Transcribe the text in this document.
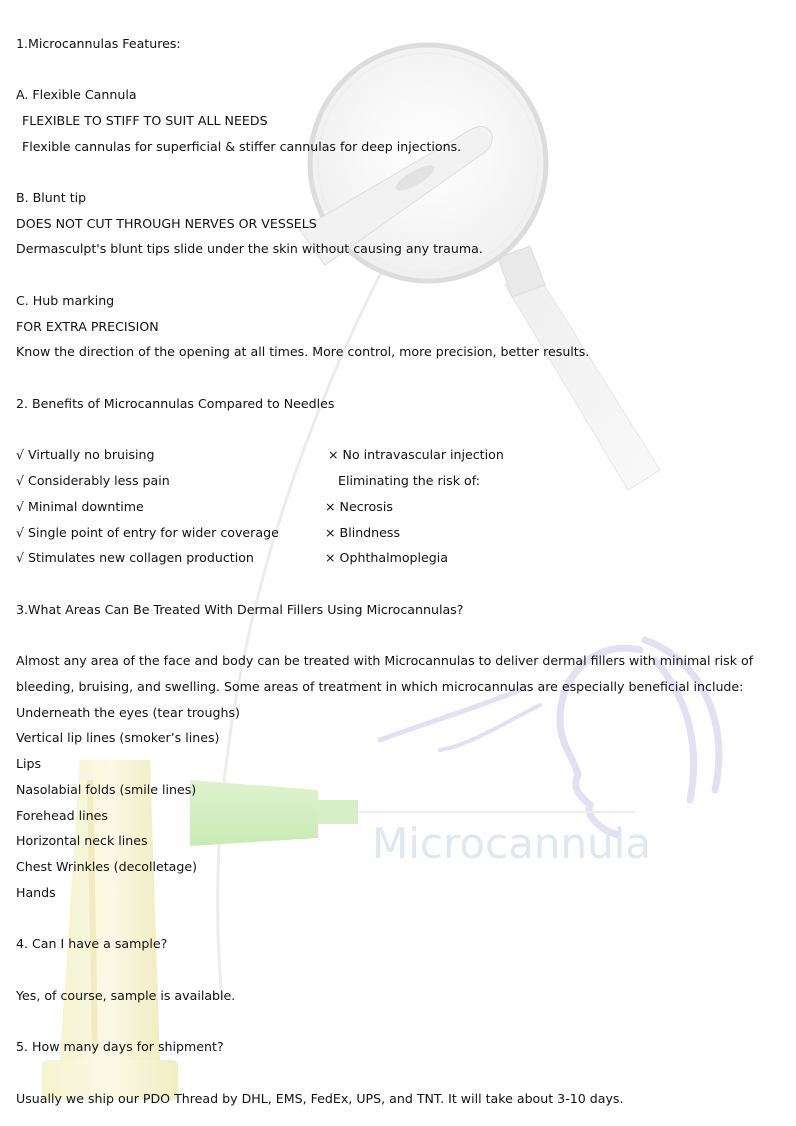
Microcannula

1.Microcannulas Features:

A. Flexible Cannula

FLEXIBLE TO STIFF TO SUIT ALL NEEDS

Flexible cannulas for superficial & stiffer cannulas for deep injections.

B. Blunt tip

DOES NOT CUT THROUGH NERVES OR VESSELS

Dermasculpt's blunt tips slide under the skin without causing any trauma.

C. Hub marking

FOR EXTRA PRECISION

Know the direction of the opening at all times. More control, more precision, better results.

2. Benefits of Microcannulas Compared to Needles

√ Virtually no bruising

√ Considerably less pain

√ Minimal downtime

√ Single point of entry for wider coverage

√ Stimulates new collagen production

× No intravascular injection

Eliminating the risk of:

× Necrosis

× Blindness

× Ophthalmoplegia

3.What Areas Can Be Treated With Dermal Fillers Using Microcannulas?

Almost any area of the face and body can be treated with Microcannulas to deliver dermal fillers with minimal risk of bleeding, bruising, and swelling. Some areas of treatment in which microcannulas are especially beneficial include:

Underneath the eyes (tear troughs)

Vertical lip lines (smoker’s lines)

Lips

Nasolabial folds (smile lines)

Forehead lines

Horizontal neck lines

Chest Wrinkles (decolletage)

Hands

4. Can I have a sample?

Yes, of course, sample is available.

5. How many days for shipment?

Usually we ship our PDO Thread by DHL, EMS, FedEx, UPS, and TNT. It will take about 3-10 days.
